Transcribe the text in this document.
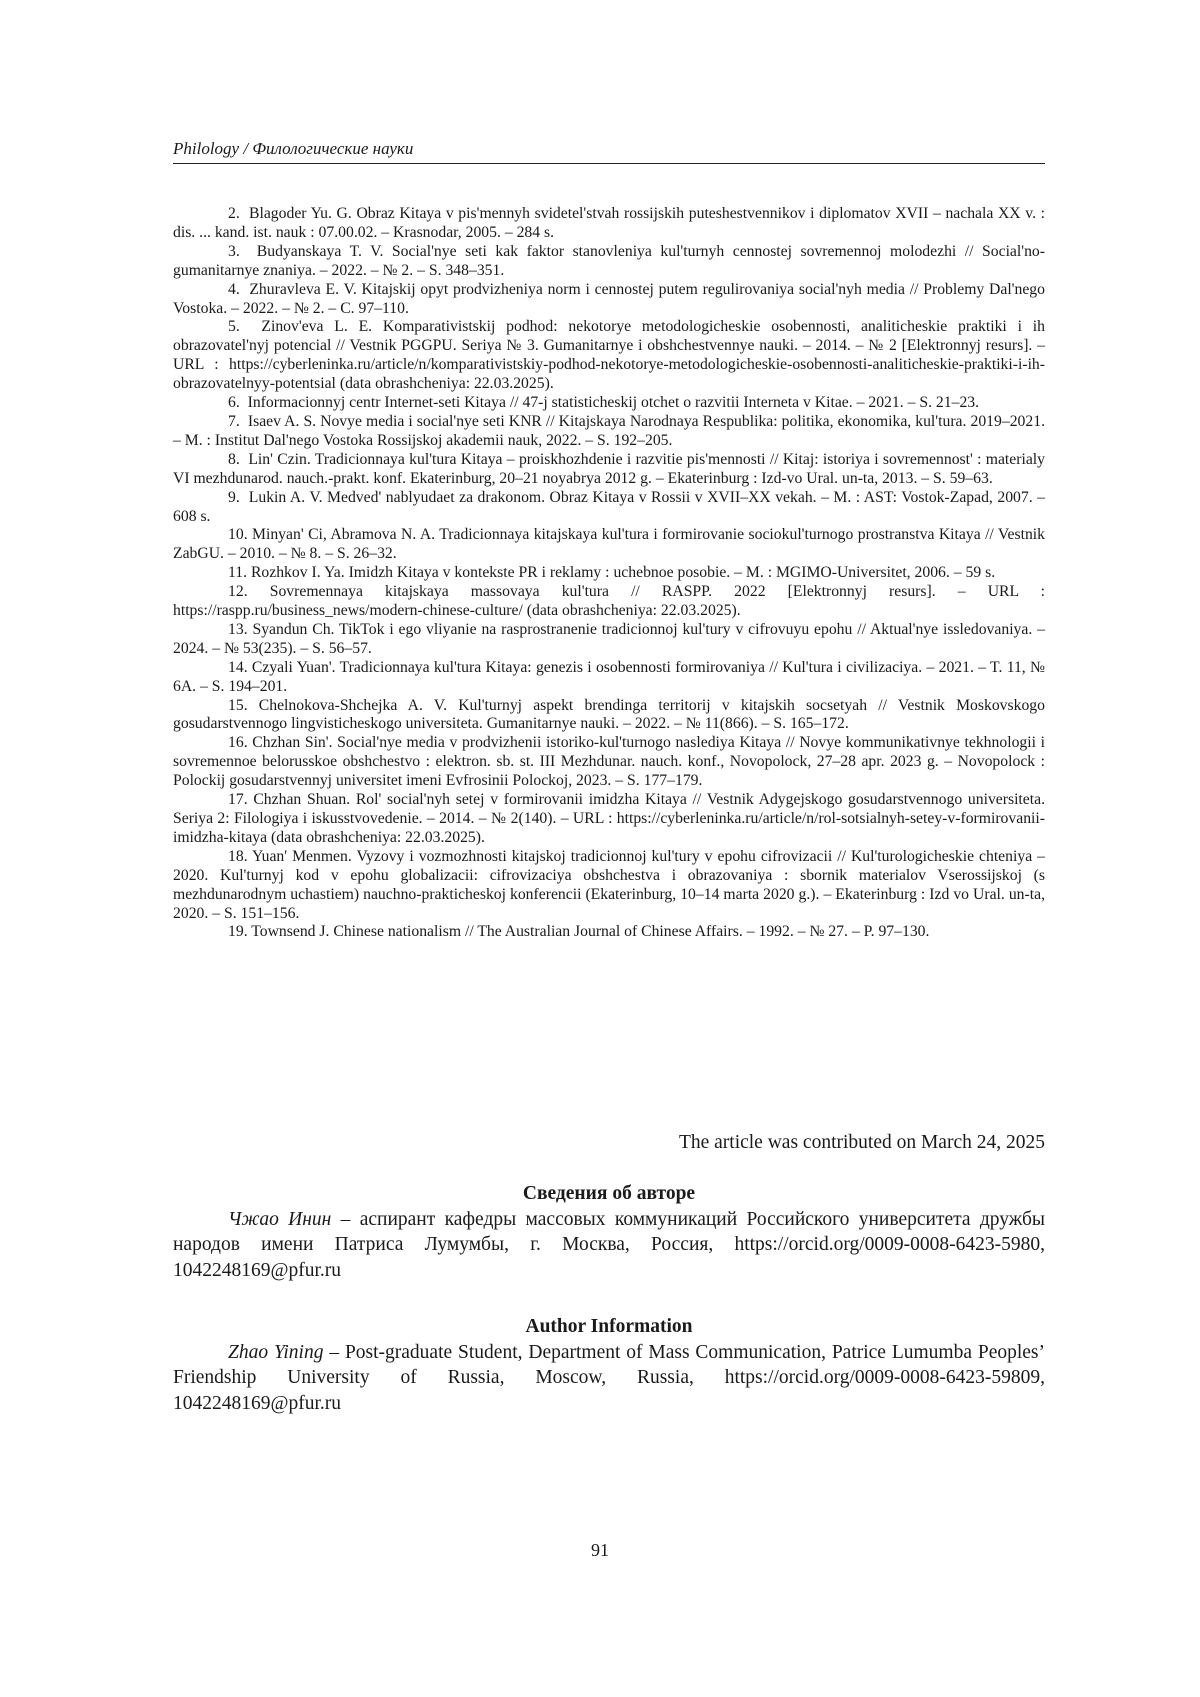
Philology / Филологические науки

2.  Blagoder Yu. G. Obraz Kitaya v pis'mennyh svidetel'stvah rossijskih puteshestvennikov i diplomatov XVII – nachala XX v. : dis. ... kand. ist. nauk : 07.00.02. – Krasnodar, 2005. – 284 s.

3.  Budyanskaya T. V. Social'nye seti kak faktor stanovleniya kul'turnyh cennostej sovremennoj molodezhi // Social'no-gumanitarnye znaniya. – 2022. – № 2. – S. 348–351.

4.  Zhuravleva E. V. Kitajskij opyt prodvizheniya norm i cennostej putem regulirovaniya social'nyh media // Problemy Dal'nego Vostoka. – 2022. – № 2. – С. 97–110.

5.  Zinov'eva L. E. Komparativistskij podhod: nekotorye metodologicheskie osobennosti, analiticheskie praktiki i ih obrazovatel'nyj potencial // Vestnik PGGPU. Seriya № 3. Gumanitarnye i obshchestvennye nauki. – 2014. – № 2 [Elektronnyj resurs]. – URL : https://cyberleninka.ru/article/n/komparativistskiy-podhod-nekotorye-metodologicheskie-osobennosti-analiticheskie-praktiki-i-ih-obrazovatelnyy-potentsial (data obrashcheniya: 22.03.2025).

6.  Informacionnyj centr Internet-seti Kitaya // 47-j statisticheskij otchet o razvitii Interneta v Kitae. – 2021. – S. 21–23.

7.  Isaev A. S. Novye media i social'nye seti KNR // Kitajskaya Narodnaya Respublika: politika, ekonomika, kul'tura. 2019–2021. – M. : Institut Dal'nego Vostoka Rossijskoj akademii nauk, 2022. – S. 192–205.

8.  Lin' Czin. Tradicionnaya kul'tura Kitaya – proiskhozhdenie i razvitie pis'mennosti // Kitaj: istoriya i sovremennost' : materialy VI mezhdunarod. nauch.-prakt. konf. Ekaterinburg, 20–21 noyabrya 2012 g. – Ekaterinburg : Izd-vo Ural. un-ta, 2013. – S. 59–63.

9.  Lukin A. V. Medved' nablyudaet za drakonom. Obraz Kitaya v Rossii v XVII–XX vekah. – M. : AST: Vostok-Zapad, 2007. – 608 s.

10. Minyan' Ci, Abramova N. A. Tradicionnaya kitajskaya kul'tura i formirovanie sociokul'turnogo prostranstva Kitaya // Vestnik ZabGU. – 2010. – № 8. – S. 26–32.

11. Rozhkov I. Ya. Imidzh Kitaya v kontekste PR i reklamy : uchebnoe posobie. – M. : MGIMO-Universitet, 2006. – 59 s.

12. Sovremennaya kitajskaya massovaya kul'tura // RASPP. 2022 [Elektronnyj resurs]. – URL : https://raspp.ru/business_news/modern-chinese-culture/ (data obrashcheniya: 22.03.2025).

13. Syandun Ch. TikTok i ego vliyanie na rasprostranenie tradicionnoj kul'tury v cifrovuyu epohu // Aktual'nye issledovaniya. – 2024. – № 53(235). – S. 56–57.

14. Czyali Yuan'. Tradicionnaya kul'tura Kitaya: genezis i osobennosti formirovaniya // Kul'tura i civilizaciya. – 2021. – T. 11, № 6A. – S. 194–201.

15. Chelnokova-Shchejka A. V. Kul'turnyj aspekt brendinga territorij v kitajskih socsetyah // Vestnik Moskovskogo gosudarstvennogo lingvisticheskogo universiteta. Gumanitarnye nauki. – 2022. – № 11(866). – S. 165–172.

16. Chzhan Sin'. Social'nye media v prodvizhenii istoriko-kul'turnogo naslediya Kitaya // Novye kommunikativnye tekhnologii i sovremennoe belorusskoe obshchestvo : elektron. sb. st. III Mezhdunar. nauch. konf., Novopolock, 27–28 apr. 2023 g. – Novopolock : Polockij gosudarstvennyj universitet imeni Evfrosinii Polockoj, 2023. – S. 177–179.

17. Chzhan Shuan. Rol' social'nyh setej v formirovanii imidzha Kitaya // Vestnik Adygejskogo gosudarstvennogo universiteta. Seriya 2: Filologiya i iskusstvovedenie. – 2014. – № 2(140). – URL : https://cyberleninka.ru/article/n/rol-sotsialnyh-setey-v-formirovanii-imidzha-kitaya (data obrashcheniya: 22.03.2025).

18. Yuan' Menmen. Vyzovy i vozmozhnosti kitajskoj tradicionnoj kul'tury v epohu cifrovizacii // Kul'turologicheskie chteniya – 2020. Kul'turnyj kod v epohu globalizacii: cifrovizaciya obshchestva i obrazovaniya : sbornik materialov Vserossijskoj (s mezhdunarodnym uchastiem) nauchno-prakticheskoj konferencii (Ekaterinburg, 10–14 marta 2020 g.). – Ekaterinburg : Izd vo Ural. un-ta, 2020. – S. 151–156.

19. Townsend J. Chinese nationalism // The Australian Journal of Chinese Affairs. – 1992. – № 27. – P. 97–130.

The article was contributed on March 24, 2025
Сведения об авторе

Чжао Инин – аспирант кафедры массовых коммуникаций Российского университета дружбы народов имени Патриса Лумумбы, г. Москва, Россия, https://orcid.org/0009-0008-6423-5980, 1042248169@pfur.ru

Author Information

Zhao Yining – Post-graduate Student, Department of Mass Communication, Patrice Lumumba Peoples’ Friendship University of Russia, Moscow, Russia, https://orcid.org/0009-0008-6423-59809, 1042248169@pfur.ru

91
